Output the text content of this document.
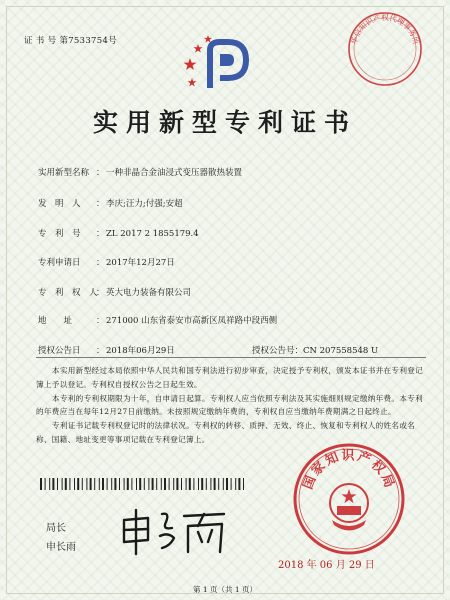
华信知识产权代理事务所
证 书 号 第7533754号
实用新型专利证书
实用新型名称 ：一种非晶合金油浸式变压器散热装置
发　明　人 ：李庆;汪力;付强;安超
专　利　号 ：ZL 2017 2 1855179.4
专利申请日 ：2017年12月27日
专　利　权　人：英大电力装备有限公司
地　　址	：271000 山东省泰安市高新区凤祥路中段西侧
授权公告日 ：2018年06月29日	授权公告号：CN 207558548 U

本实用新型经过本局依照中华人民共和国专利法进行初步审查，决定授予专利权，颁发本证书并在专利登记簿上予以登记。专利权自授权公告之日起生效。

本专利的专利权期限为十年，自申请日起算。专利权人应当依照专利法及其实施细则规定缴纳年费。本专利的年费应当在每年12月27日前缴纳。未按照规定缴纳年费的，专利权自应当缴纳年费期满之日起终止。

专利证书记载专利权登记时的法律状况。专利权的转移、质押、无效、终止、恢复和专利权人的姓名或名称、国籍、地址变更等事项记载在专利登记簿上。

局长
申长雨
国家知识产权局
2018 年 06 月 29 日
第 1 页（共 1 页）
